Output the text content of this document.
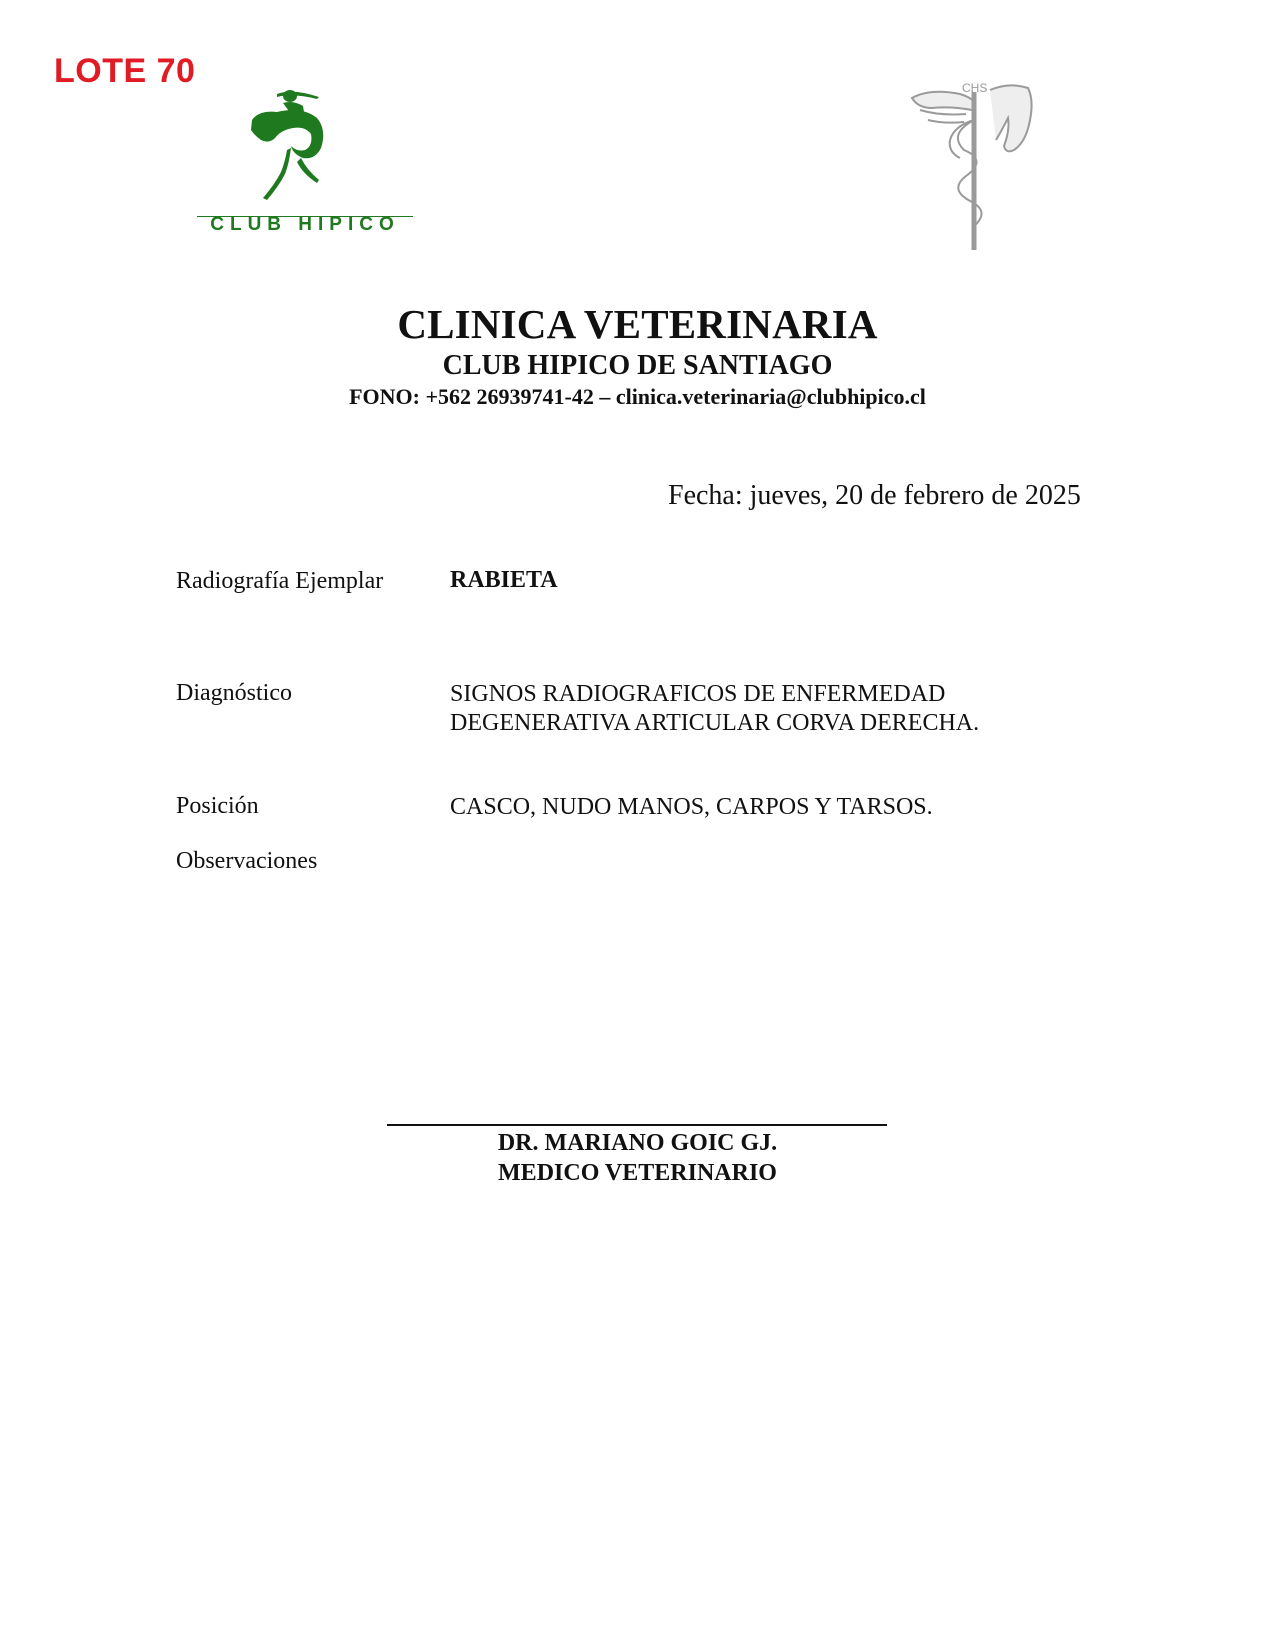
LOTE 70
CLUB HIPICO
CHS
CLINICA VETERINARIA
CLUB HIPICO DE SANTIAGO
FONO: +562 26939741-42 – clinica.veterinaria@clubhipico.cl
Fecha: jueves, 20 de febrero de 2025
Radiografía Ejemplar	RABIETA
Diagnóstico	SIGNOS RADIOGRAFICOS DE ENFERMEDAD
DEGENERATIVA ARTICULAR CORVA DERECHA.
Posición	CASCO, NUDO MANOS, CARPOS Y TARSOS.
Observaciones
DR. MARIANO GOIC GJ.
MEDICO VETERINARIO
